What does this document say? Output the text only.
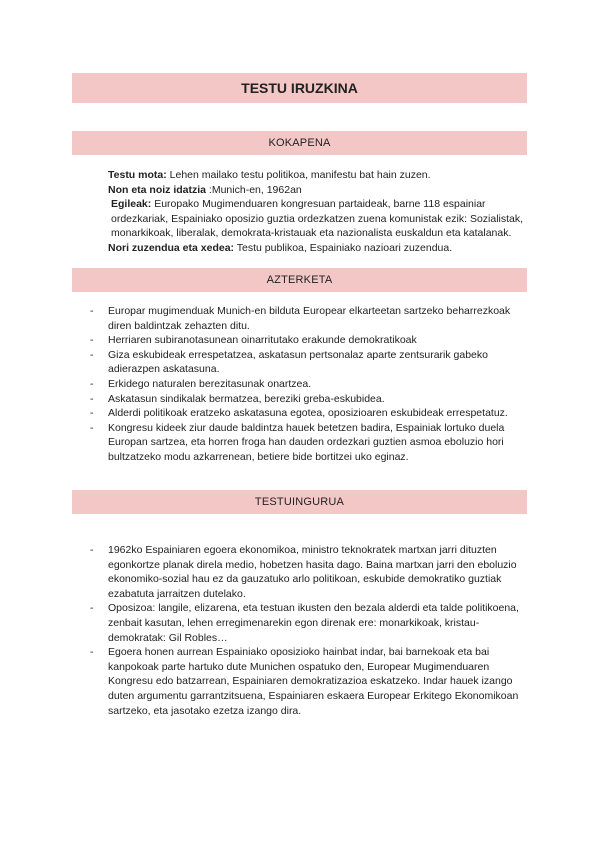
TESTU IRUZKINA
KOKAPENA

Testu mota: Lehen mailako testu politikoa, manifestu bat hain zuzen.

Non eta noiz idatzia :Munich-en, 1962an

Egileak: Europako Mugimenduaren kongresuan partaideak, barne 118 espainiar ordezkariak, Espainiako oposizio guztia ordezkatzen zuena komunistak ezik: Sozialistak, monarkikoak, liberalak, demokrata-kristauak eta nazionalista euskaldun eta katalanak.

Nori zuzendua eta xedea: Testu publikoa, Espainiako nazioari zuzendua.

AZTERKETA
- Europar mugimenduak Munich-en bilduta Europear elkarteetan sartzeko beharrezkoak diren baldintzak zehazten ditu.
- Herriaren subiranotasunean oinarritutako erakunde demokratikoak
- Giza eskubideak errespetatzea, askatasun pertsonalaz aparte zentsurarik gabeko adierazpen askatasuna.
- Erkidego naturalen berezitasunak onartzea.
- Askatasun sindikalak bermatzea, bereziki greba-eskubidea.
- Alderdi politikoak eratzeko askatasuna egotea, oposizioaren eskubideak errespetatuz.
- Kongresu kideek ziur daude baldintza hauek betetzen badira, Espainiak lortuko duela Europan sartzea, eta horren froga han dauden ordezkari guztien asmoa eboluzio hori bultzatzeko modu azkarrenean, betiere bide bortitzei uko eginaz.
TESTUINGURUA
- 1962ko Espainiaren egoera ekonomikoa, ministro teknokratek martxan jarri dituzten egonkortze planak direla medio, hobetzen hasita dago. Baina martxan jarri den eboluzio ekonomiko-sozial hau ez da gauzatuko arlo politikoan, eskubide demokratiko guztiak ezabatuta jarraitzen dutelako.
- Oposizoa: langile, elizarena, eta testuan ikusten den bezala alderdi eta talde politikoena, zenbait kasutan, lehen erregimenarekin egon direnak ere: monarkikoak, kristau-demokratak: Gil Robles…
- Egoera honen aurrean Espainiako oposizioko hainbat indar, bai barnekoak eta bai kanpokoak parte hartuko dute Munichen ospatuko den, Europear Mugimenduaren Kongresu edo batzarrean, Espainiaren demokratizazioa eskatzeko. Indar hauek izango duten argumentu garrantzitsuena, Espainiaren eskaera Europear Erkitego Ekonomikoan sartzeko, eta jasotako ezetza izango dira.
